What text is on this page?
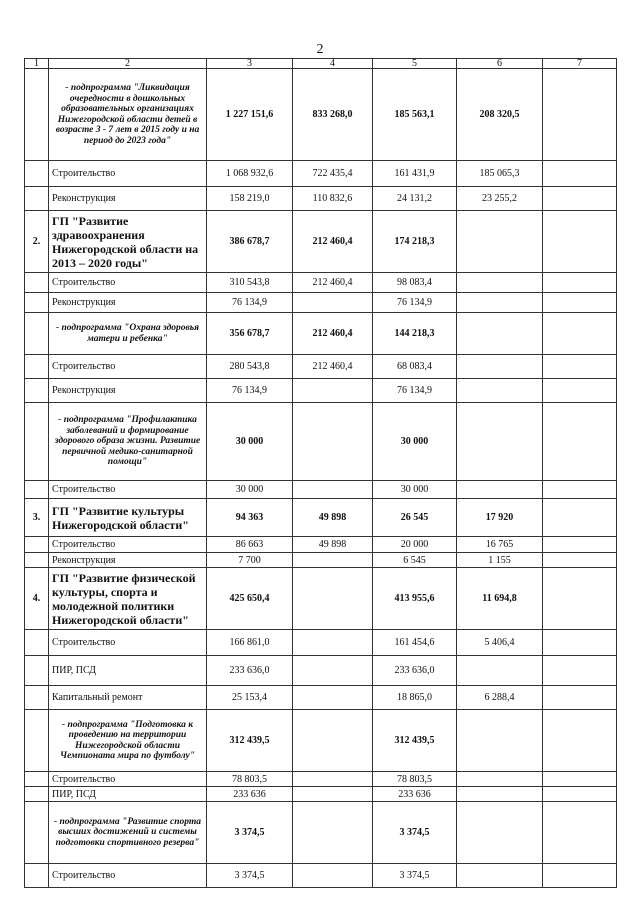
2
1	2	3	4	5	6	7
	- подпрограмма "Ликвидация очередности в дошкольных образовательных организациях Нижегородской области детей в возрасте 3 - 7 лет в 2015 году и на период до 2023 года"	1 227 151,6	833 268,0	185 563,1	208 320,5	
	Строительство	1 068 932,6	722 435,4	161 431,9	185 065,3	
	Реконструкция	158 219,0	110 832,6	24 131,2	23 255,2	
2.	ГП "Развитие здравоохранения Нижегородской области на 2013 – 2020 годы"	386 678,7	212 460,4	174 218,3		
	Строительство	310 543,8	212 460,4	98 083,4		
	Реконструкция	76 134,9		76 134,9		
	- подпрограмма "Охрана здоровья матери и ребенка"	356 678,7	212 460,4	144 218,3		
	Строительство	280 543,8	212 460,4	68 083,4		
	Реконструкция	76 134,9		76 134,9		
	- подпрограмма "Профилактика заболеваний и формирование здорового образа жизни. Развитие первичной медико-санитарной помощи"	30 000		30 000		
	Строительство	30 000		30 000		
3.	ГП "Развитие культуры Нижегородской области"	94 363	49 898	26 545	17 920	
	Строительство	86 663	49 898	20 000	16 765	
	Реконструкция	7 700		6 545	1 155	
4.	ГП "Развитие физической культуры, спорта и молодежной политики Нижегородской области"	425 650,4		413 955,6	11 694,8	
	Строительство	166 861,0		161 454,6	5 406,4	
	ПИР, ПСД	233 636,0		233 636,0		
	Капитальный ремонт	25 153,4		18 865,0	6 288,4	
	- подпрограмма "Подготовка к проведению на территории Нижегородской области Чемпионата мира по футболу"	312 439,5		312 439,5		
	Строительство	78 803,5		78 803,5		
	ПИР, ПСД	233 636		233 636		
	- подпрограмма "Развитие спорта высших достижений и системы подготовки спортивного резерва"	3 374,5		3 374,5		
	Строительство	3 374,5		3 374,5		
